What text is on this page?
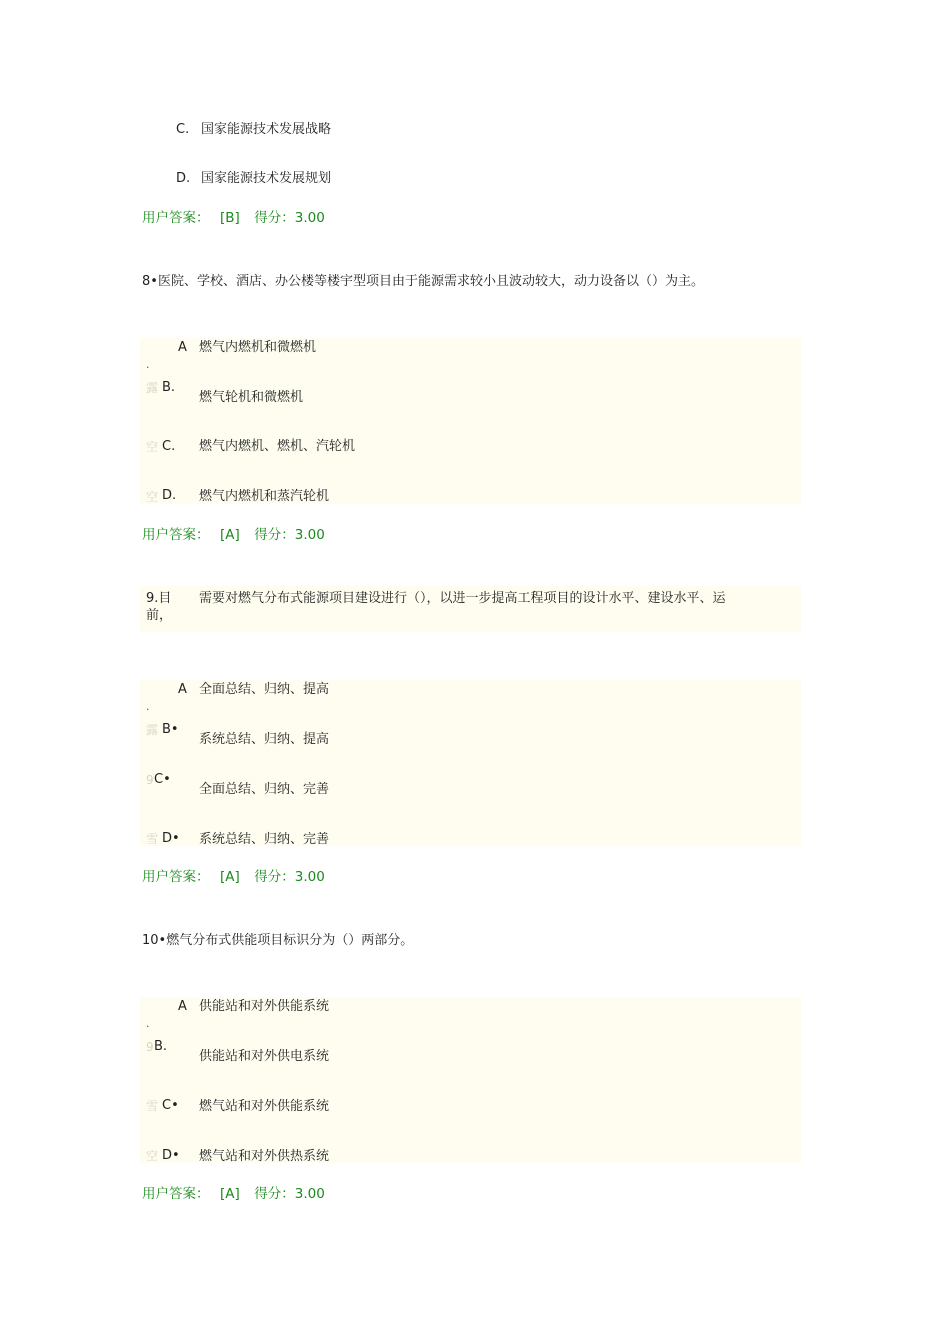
C. 国家能源技术发展战略
D. 国家能源技术发展规划
用户答案： [B] 得分：3.00
8•医院、学校、酒店、办公楼等楼宇型项目由于能源需求较小且波动较大，动力设备以（）为主。
A
.
燃气内燃机和微燃机
露 B.
燃气轮机和微燃机
空 C. 燃气内燃机、燃机、汽轮机
空 D. 燃气内燃机和蒸汽轮机
用户答案： [A] 得分：3.00
9.目
前，
需要对燃气分布式能源项目建设进行（），以进一步提高工程项目的设计水平、建设水平、运
A
.
全面总结、归纳、提高
露 B•
系统总结、归纳、提高
9 C•
全面总结、归纳、完善
雪 D• 系统总结、归纳、完善
用户答案： [A] 得分：3.00
10•燃气分布式供能项目标识分为（）两部分。
A
.
供能站和对外供能系统
9 B.
供能站和对外供电系统
雪 C• 燃气站和对外供能系统
空 D• 燃气站和对外供热系统
用户答案： [A] 得分：3.00
